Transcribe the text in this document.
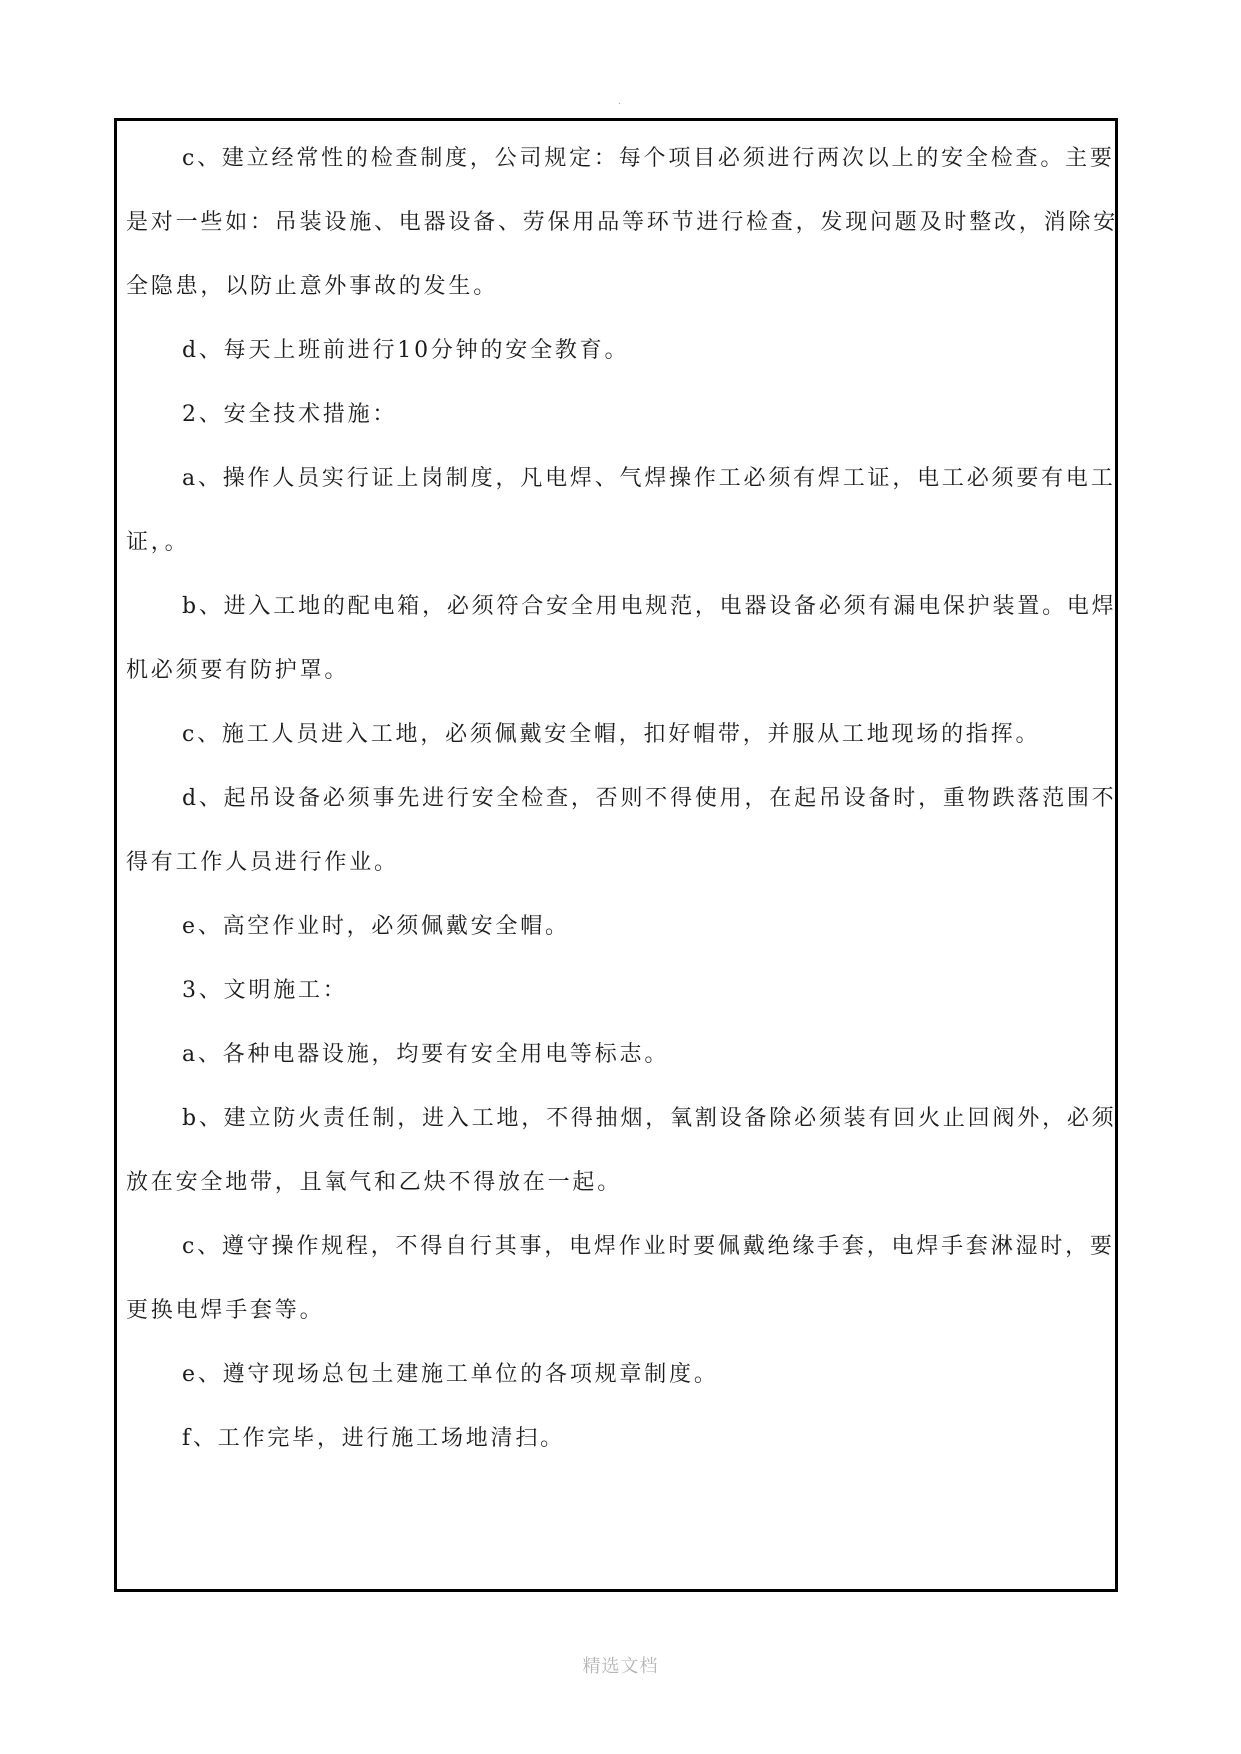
.

c、建立经常性的检查制度，公司规定：每个项目必须进行两次以上的安全检查。主要是对一些如：吊装设施、电器设备、劳保用品等环节进行检查，发现问题及时整改，消除安全隐患，以防止意外事故的发生。

d、每天上班前进行10分钟的安全教育。

2、安全技术措施：

a、操作人员实行证上岗制度，凡电焊、气焊操作工必须有焊工证，电工必须要有电工证，。

b、进入工地的配电箱，必须符合安全用电规范，电器设备必须有漏电保护装置。电焊机必须要有防护罩。

c、施工人员进入工地，必须佩戴安全帽，扣好帽带，并服从工地现场的指挥。

d、起吊设备必须事先进行安全检查，否则不得使用，在起吊设备时，重物跌落范围不得有工作人员进行作业。

e、高空作业时，必须佩戴安全帽。

3、文明施工：

a、各种电器设施，均要有安全用电等标志。

b、建立防火责任制，进入工地，不得抽烟，氧割设备除必须装有回火止回阀外，必须放在安全地带，且氧气和乙炔不得放在一起。

c、遵守操作规程，不得自行其事，电焊作业时要佩戴绝缘手套，电焊手套淋湿时，要更换电焊手套等。

e、遵守现场总包土建施工单位的各项规章制度。

f、工作完毕，进行施工场地清扫。

精选文档
